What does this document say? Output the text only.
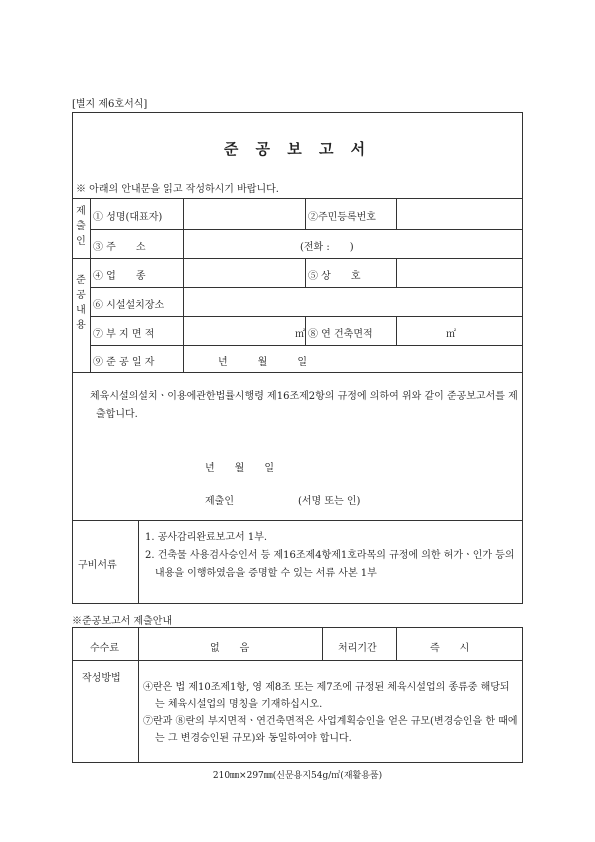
[별지 제6호서식]
준 공 보 고 서
※ 아래의 안내문을 읽고 작성하시기 바랍니다.
제
출
인
준
공
내
용
① 성명(대표자)	②주민등록번호
③ 주　　소	(전화 :　　)
④ 업　　종	⑤ 상　　호
⑥ 시설설치장소
⑦ 부 지 면 적	㎡ ⑧ 연 건축면적	㎡
⑨ 준 공 일 자	년　　　월　　　일
체육시설의설치ㆍ이용에관한법률시행령 제16조제2항의 규정에 의하여 위와 같이 준공보고서를 제출합니다.
년　　월　　일
제출인	(서명 또는 인)
구비서류
1. 공사감리완료보고서 1부.
2. 건축물 사용검사승인서 등 제16조제4항제1호라목의 규정에 의한 허가ㆍ인가 등의 내용을 이행하였음을 증명할 수 있는 서류 사본 1부
※준공보고서 제출안내
수수료	없　　음	처리기간	즉　　시
작성방법
④란은 법 제10조제1항, 영 제8조 또는 제7조에 규정된 체육시설업의 종류중 해당되는 체육시설업의 명칭을 기재하십시오.
⑦란과 ⑧란의 부지면적ㆍ연건축면적은 사업계획승인을 얻은 규모(변경승인을 한 때에는 그 변경승인된 규모)와 동일하여야 합니다.
210㎜×297㎜(신문용지54g/㎡(재활용품)
